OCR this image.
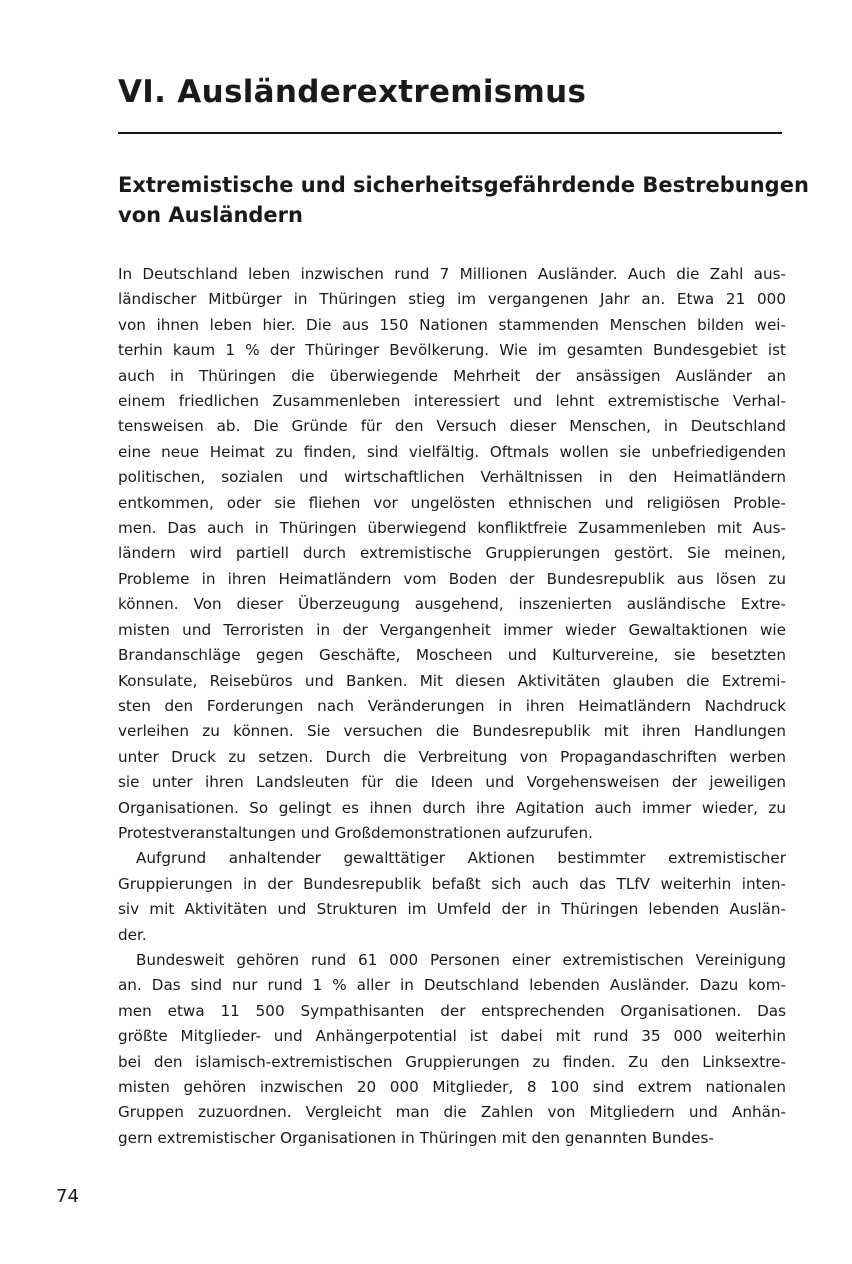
VI. Ausländerextremismus
Extremistische und sicherheitsgefährdende Bestrebungen
von Ausländern
In Deutschland leben inzwischen rund 7 Millionen Ausländer. Auch die Zahl aus-
ländischer Mitbürger in Thüringen stieg im vergangenen Jahr an. Etwa 21 000
von ihnen leben hier. Die aus 150 Nationen stammenden Menschen bilden wei-
terhin kaum 1 % der Thüringer Bevölkerung. Wie im gesamten Bundesgebiet ist
auch in Thüringen die überwiegende Mehrheit der ansässigen Ausländer an
einem friedlichen Zusammenleben interessiert und lehnt extremistische Verhal-
tensweisen ab. Die Gründe für den Versuch dieser Menschen, in Deutschland
eine neue Heimat zu finden, sind vielfältig. Oftmals wollen sie unbefriedigenden
politischen, sozialen und wirtschaftlichen Verhältnissen in den Heimatländern
entkommen, oder sie fliehen vor ungelösten ethnischen und religiösen Proble-
men. Das auch in Thüringen überwiegend konfliktfreie Zusammenleben mit Aus-
ländern wird partiell durch extremistische Gruppierungen gestört. Sie meinen,
Probleme in ihren Heimatländern vom Boden der Bundesrepublik aus lösen zu
können. Von dieser Überzeugung ausgehend, inszenierten ausländische Extre-
misten und Terroristen in der Vergangenheit immer wieder Gewaltaktionen wie
Brandanschläge gegen Geschäfte, Moscheen und Kulturvereine, sie besetzten
Konsulate, Reisebüros und Banken. Mit diesen Aktivitäten glauben die Extremi-
sten den Forderungen nach Veränderungen in ihren Heimatländern Nachdruck
verleihen zu können. Sie versuchen die Bundesrepublik mit ihren Handlungen
unter Druck zu setzen. Durch die Verbreitung von Propagandaschriften werben
sie unter ihren Landsleuten für die Ideen und Vorgehensweisen der jeweiligen
Organisationen. So gelingt es ihnen durch ihre Agitation auch immer wieder, zu
Protestveranstaltungen und Großdemonstrationen aufzurufen.
Aufgrund anhaltender gewalttätiger Aktionen bestimmter extremistischer
Gruppierungen in der Bundesrepublik befaßt sich auch das TLfV weiterhin inten-
siv mit Aktivitäten und Strukturen im Umfeld der in Thüringen lebenden Auslän-
der.
Bundesweit gehören rund 61 000 Personen einer extremistischen Vereinigung
an. Das sind nur rund 1 % aller in Deutschland lebenden Ausländer. Dazu kom-
men etwa 11 500 Sympathisanten der entsprechenden Organisationen. Das
größte Mitglieder- und Anhängerpotential ist dabei mit rund 35 000 weiterhin
bei den islamisch-extremistischen Gruppierungen zu finden. Zu den Linksextre-
misten gehören inzwischen 20 000 Mitglieder, 8 100 sind extrem nationalen
Gruppen zuzuordnen. Vergleicht man die Zahlen von Mitgliedern und Anhän-
gern extremistischer Organisationen in Thüringen mit den genannten Bundes-
74
